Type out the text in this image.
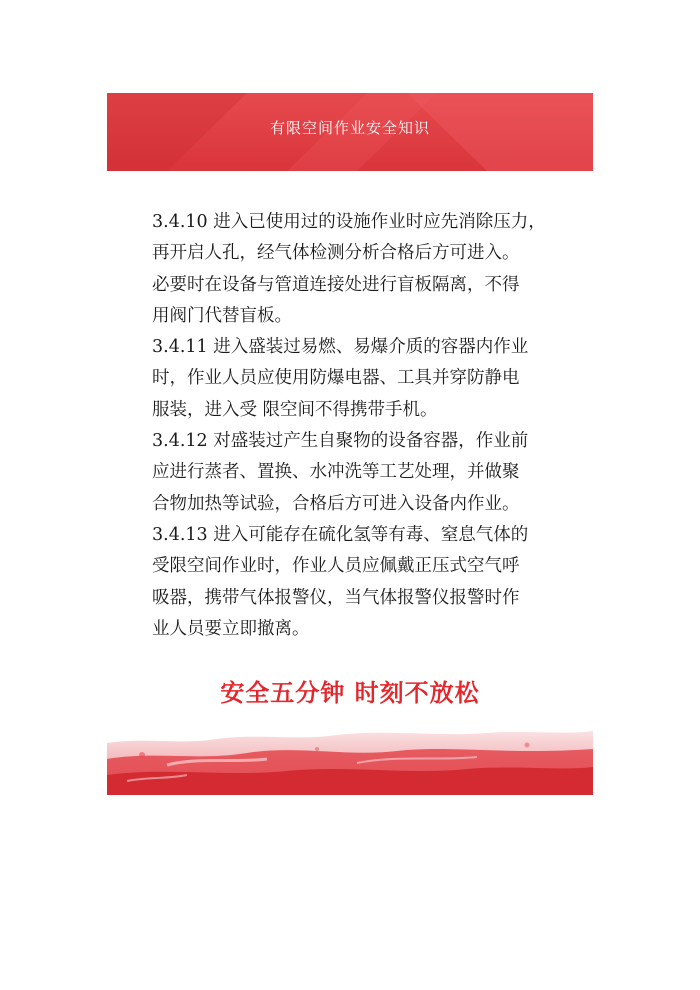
有限空间作业安全知识

3.4.10 进入已使用过的设施作业时应先消除压力，
再开启人孔，经气体检测分析合格后方可进入。
必要时在设备与管道连接处进行盲板隔离，不得
用阀门代替盲板。

3.4.11 进入盛装过易燃、易爆介质的容器内作业
时，作业人员应使用防爆电器、工具并穿防静电
服装，进入受 限空间不得携带手机。

3.4.12 对盛装过产生自聚物的设备容器，作业前
应进行蒸者、置换、水冲洗等工艺处理，并做聚
合物加热等试验，合格后方可进入设备内作业。

3.4.13 进入可能存在硫化氢等有毒、窒息气体的
受限空间作业时，作业人员应佩戴正压式空气呼
吸器，携带气体报警仪，当气体报警仪报警时作
业人员要立即撤离。

安全五分钟 时刻不放松
